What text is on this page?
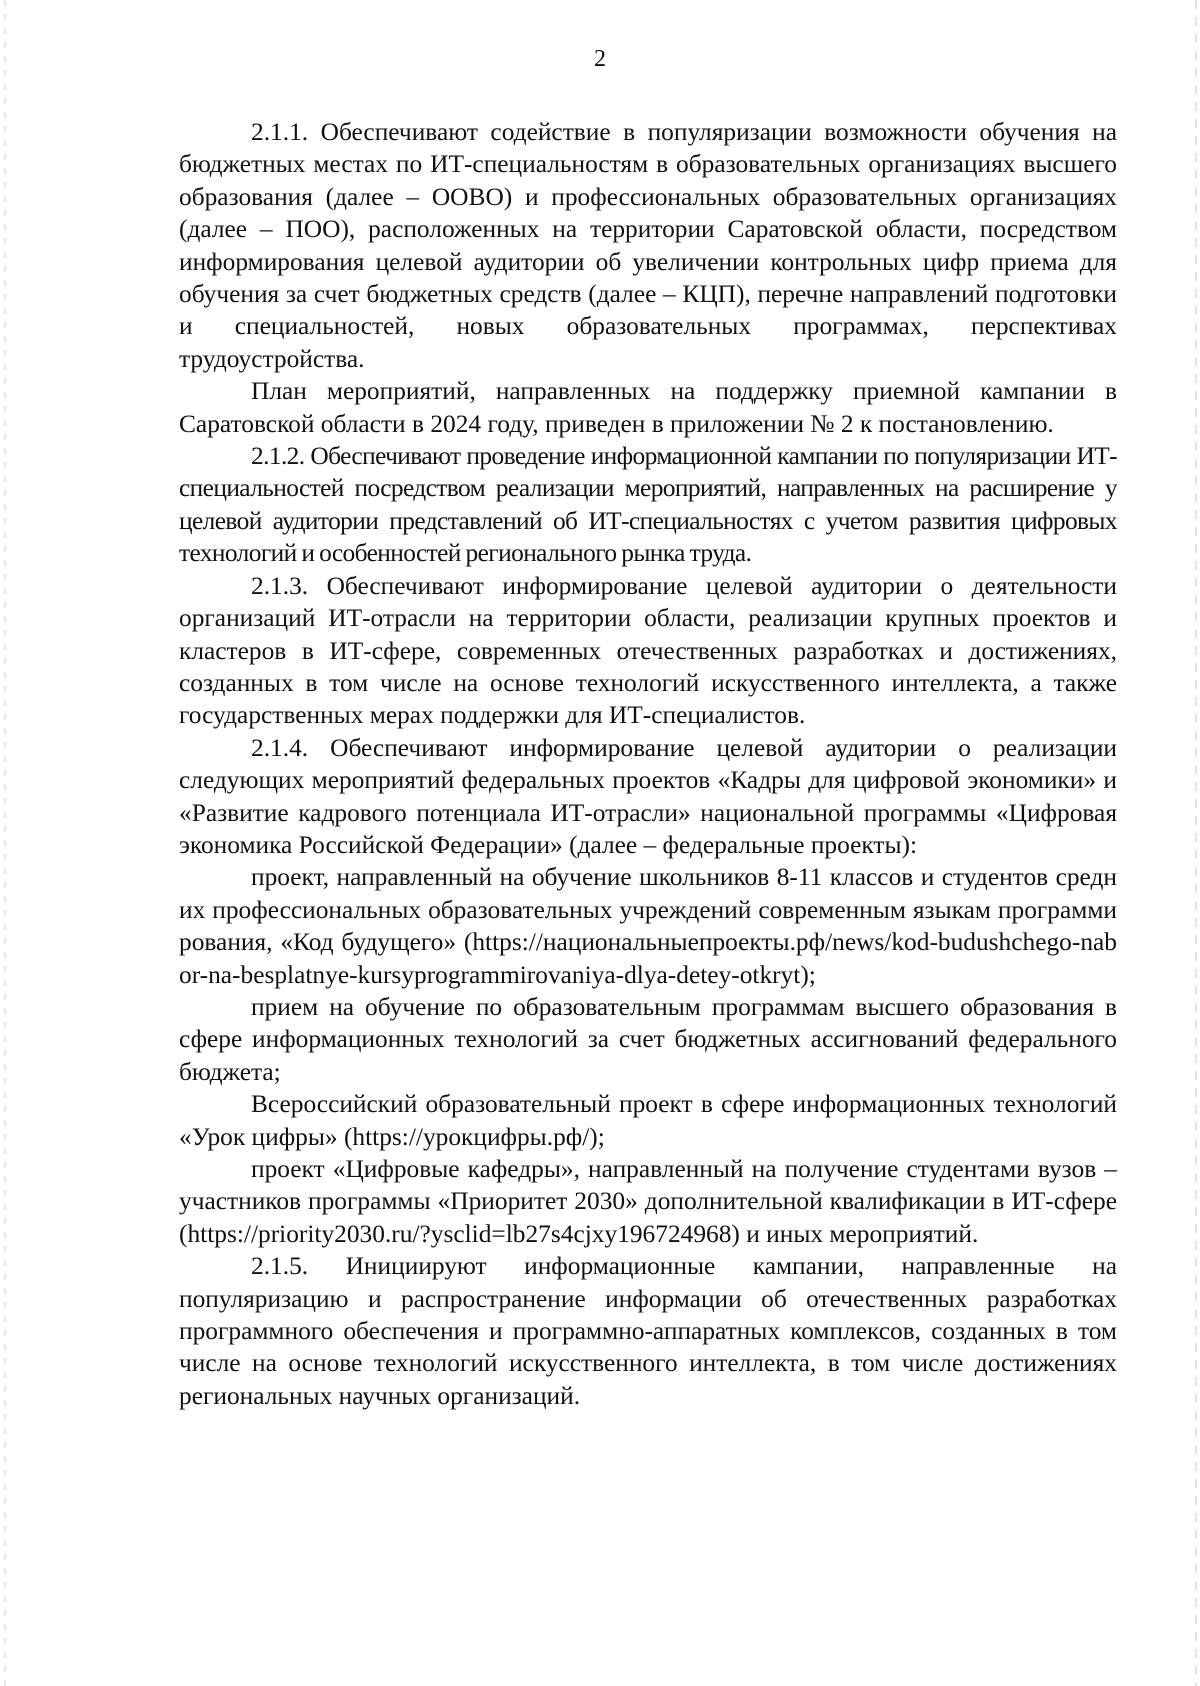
2

2.1.1. Обеспечивают содействие в популяризации возможности обучения на бюджетных местах по ИТ-специальностям в образовательных организациях высшего образования (далее – ООВО) и профессиональных образовательных организациях (далее – ПОО), расположенных на территории Саратовской области, посредством информирования целевой аудитории об увеличении контрольных цифр приема для обучения за счет бюджетных средств (далее – КЦП), перечне направлений подготовки и специальностей, новых образовательных программах, перспективах трудоустройства.

План мероприятий, направленных на поддержку приемной кампании в Саратовской области в 2024 году, приведен в приложении № 2 к постановлению.

2.1.2. Обеспечивают проведение информационной кампании по популяризации ИТ-специальностей посредством реализации мероприятий, направленных на расширение у целевой аудитории представлений об ИТ-специальностях с учетом развития цифровых технологий и особенностей регионального рынка труда.

2.1.3. Обеспечивают информирование целевой аудитории о деятельности организаций ИТ-отрасли на территории области, реализации крупных проектов и кластеров в ИТ-сфере, современных отечественных разработках и достижениях, созданных в том числе на основе технологий искусственного интеллекта, а также государственных мерах поддержки для ИТ-специалистов.

2.1.4. Обеспечивают информирование целевой аудитории о реализации следующих мероприятий федеральных проектов «Кадры для цифровой экономики» и «Развитие кадрового потенциала ИТ-отрасли» национальной программы «Цифровая экономика Российской Федерации» (далее – федеральные проекты):

проект, направленный на обучение школьников 8-11 классов и студентов средних профессиональных образовательных учреждений современным языкам программирования, «Код будущего» (https://национальныепроекты.рф/news/kod-budushchego-nabor-na-besplatnye-kursyprogrammirovaniya-dlya-detey-otkryt);

прием на обучение по образовательным программам высшего образования в сфере информационных технологий за счет бюджетных ассигнований федерального бюджета;

Всероссийский образовательный проект в сфере информационных технологий «Урок цифры» (https://урокцифры.рф/);

проект «Цифровые кафедры», направленный на получение студентами вузов – участников программы «Приоритет 2030» дополнительной квалификации в ИТ-сфере (https://priority2030.ru/?ysclid=lb27s4cjxy196724968) и иных мероприятий.

2.1.5. Инициируют информационные кампании, направленные на популяризацию и распространение информации об отечественных разработках программного обеспечения и программно-аппаратных комплексов, созданных в том числе на основе технологий искусственного интеллекта, в том числе достижениях региональных научных организаций.
